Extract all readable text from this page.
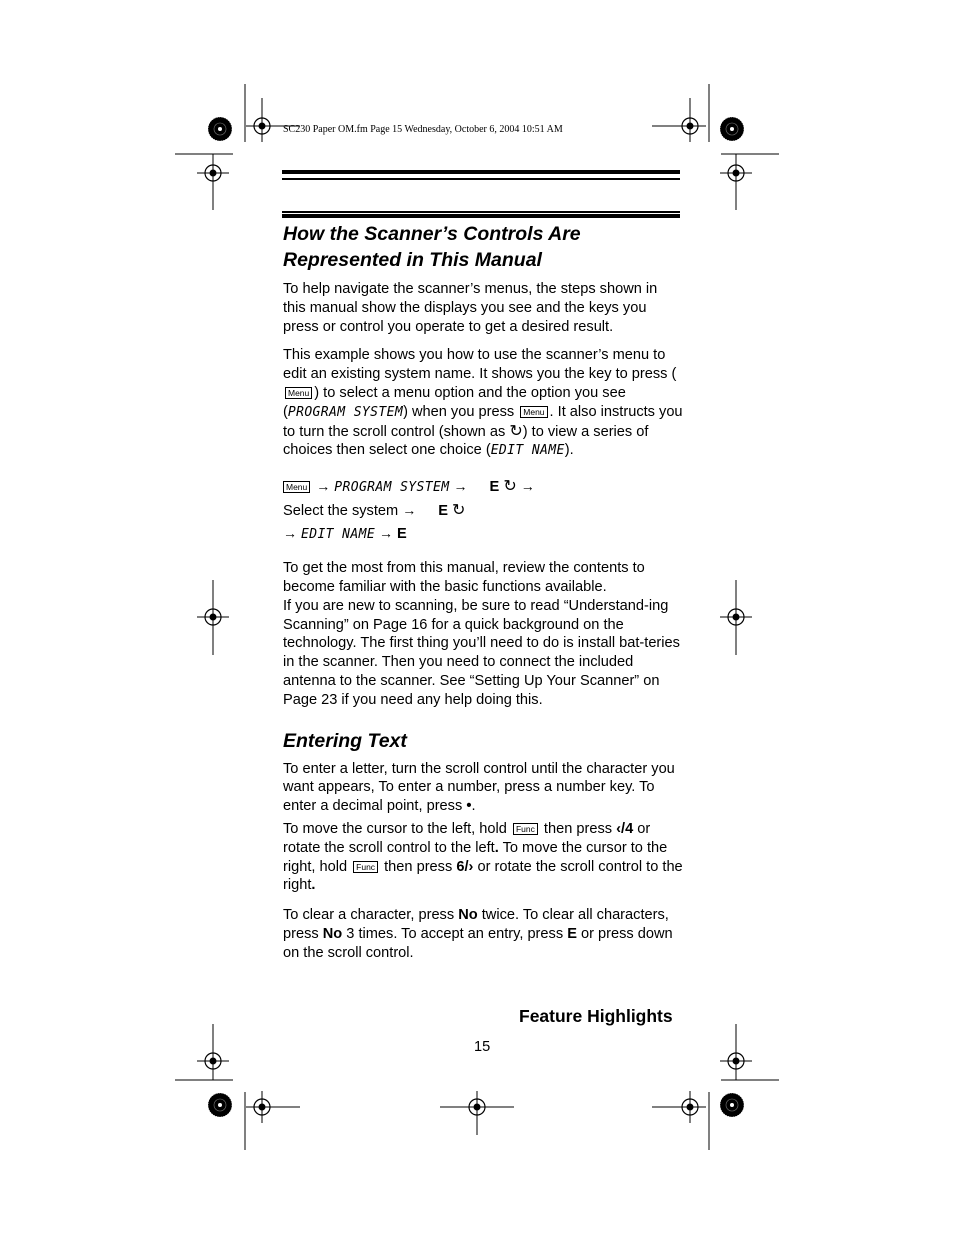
SC230 Paper OM.fm Page 15 Wednesday, October 6, 2004 10:51 AM
How the Scanner’s Controls Are
Represented in This Manual

To help navigate the scanner’s menus, the steps shown in this manual show the displays you see and the keys you press or control you operate to get a desired result.

This example shows you how to use the scanner’s menu to edit an existing system name. It shows you the key to press (Menu ) to select a menu option and the option you see (PROGRAM SYSTEM) when you press Menu . It also instructs you to turn the scroll control (shown as ↻) to view a series of choices then select one choice (EDIT NAME).

Menu → PROGRAM SYSTEM → E ↻ →
Select the system → E ↻
→ EDIT NAME → E

To get the most from this manual, review the contents to become familiar with the basic functions available.

If you are new to scanning, be sure to read “Understand-ing Scanning” on Page 16 for a quick background on the technology. The first thing you’ll need to do is install bat-teries in the scanner. Then you need to connect the included antenna to the scanner. See “Setting Up Your Scanner” on Page 23 if you need any help doing this.

Entering Text

To enter a letter, turn the scroll control until the character you want appears, To enter a number, press a number key. To enter a decimal point, press •.

To move the cursor to the left, hold Func then press ‹/4 or rotate the scroll control to the left. To move the cursor to the right, hold Func then press 6/› or rotate the scroll control to the right.

To clear a character, press No twice. To clear all characters, press No 3 times. To accept an entry, press E or press down on the scroll control.

Feature Highlights
15
